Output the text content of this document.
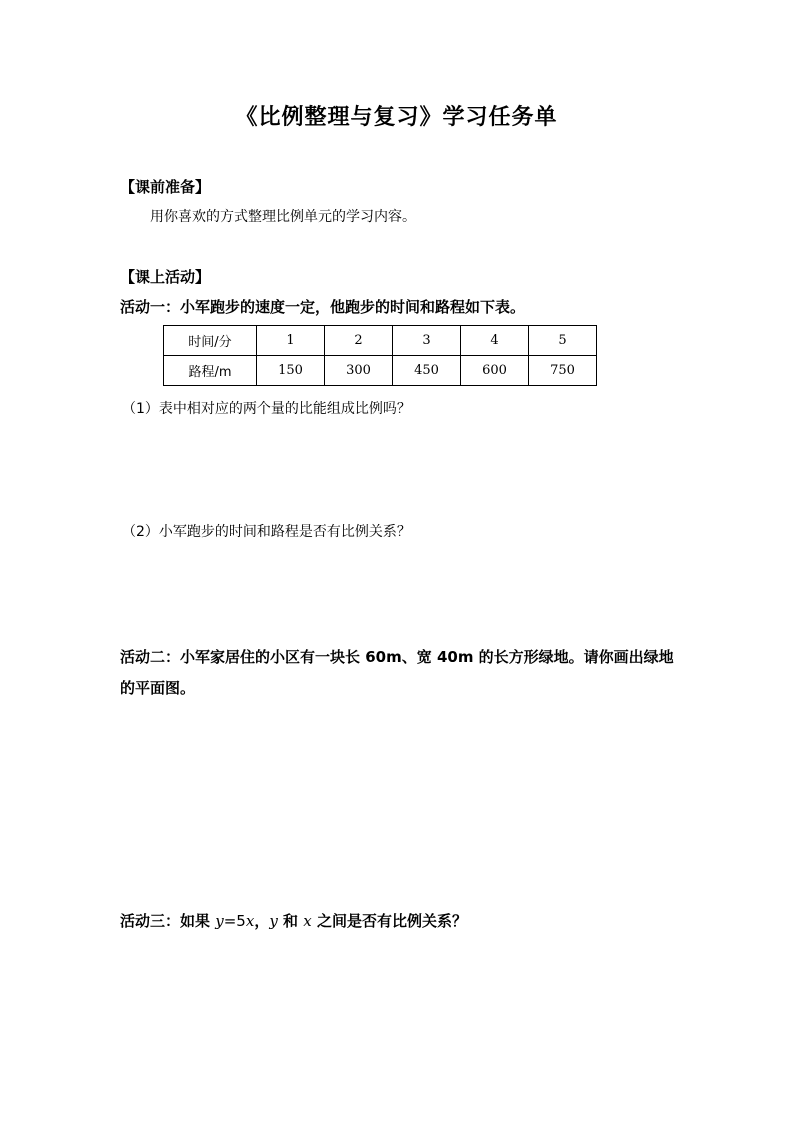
《比例整理与复习》学习任务单
【课前准备】
用你喜欢的方式整理比例单元的学习内容。
【课上活动】
活动一：小军跑步的速度一定，他跑步的时间和路程如下表。
时间/分	1	2	3	4	5
路程/m	150	300	450	600	750
（1）表中相对应的两个量的比能组成比例吗？
（2）小军跑步的时间和路程是否有比例关系？
活动二：小军家居住的小区有一块长 60m、宽 40m 的长方形绿地。请你画出绿地
的平面图。
活动三：如果 y=5x，y 和 x 之间是否有比例关系？
